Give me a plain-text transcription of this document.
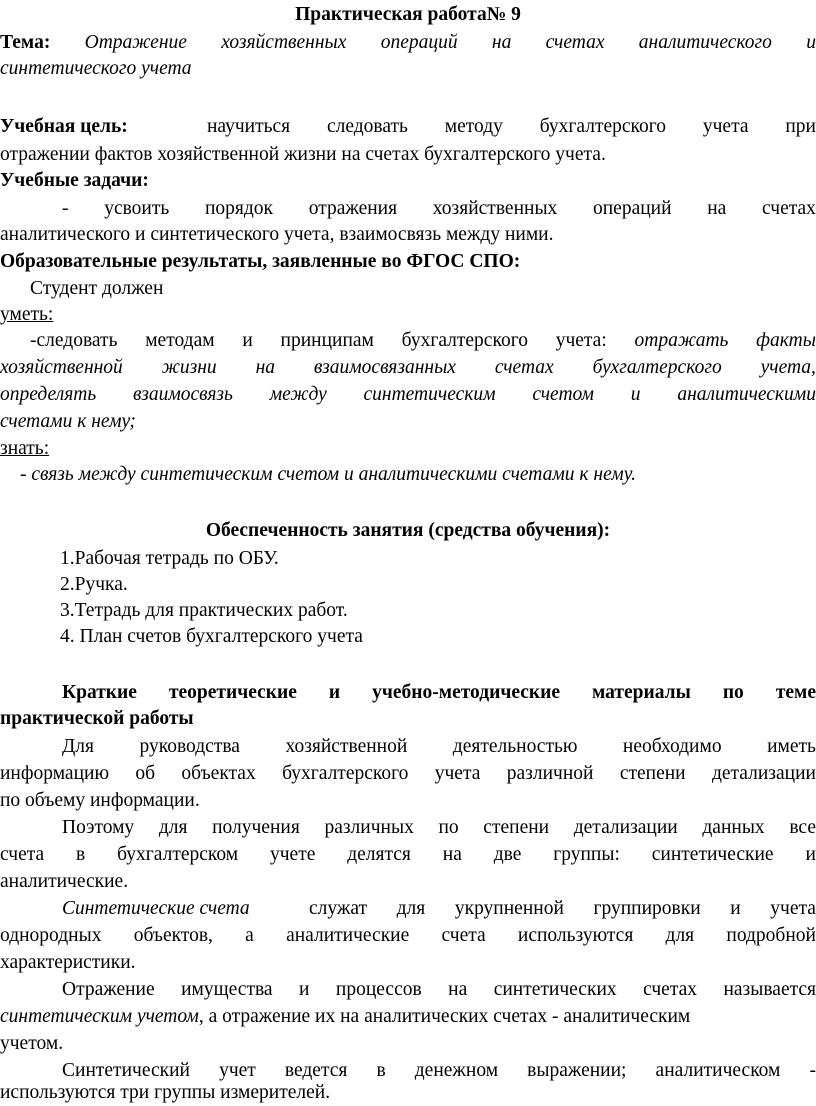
Практическая работа№ 9
Тема: Отражение хозяйственных операций на счетах аналитического и
синтетического учета
Учебная цель:	научиться следовать методу бухгалтерского учета при
отражении фактов хозяйственной жизни на счетах бухгалтерского учета.
Учебные задачи:
- усвоить порядок отражения хозяйственных операций на счетах
аналитического и синтетического учета, взаимосвязь между ними.
Образовательные результаты, заявленные во ФГОС СПО:
Студент должен
уметь:
-следовать методам и принципам бухгалтерского учета: отражать факты
хозяйственной жизни на взаимосвязанных счетах бухгалтерского учета,
определять взаимосвязь между синтетическим счетом и аналитическими
счетами к нему;
знать:
- связь между синтетическим счетом и аналитическими счетами к нему.
Обеспеченность занятия (средства обучения):
1.Рабочая тетрадь по ОБУ.
2.Ручка.
3.Тетрадь для практических работ.
4. План счетов бухгалтерского учета
Краткие теоретические и учебно-методические материалы по теме
практической работы
Для руководства хозяйственной деятельностью необходимо иметь
информацию об объектах бухгалтерского учета различной степени детализации
по объему информации.
Поэтому для получения различных по степени детализации данных все
счета в бухгалтерском учете делятся на две группы: синтетические и
аналитические.
Синтетические счета	служат для укрупненной группировки и учета
однородных объектов, а аналитические счета используются для подробной
характеристики.
Отражение имущества и процессов на синтетических счетах называется
синтетическим учетом, а отражение их на аналитических счетах - аналитическим
учетом.
Синтетический учет ведется в денежном выражении; аналитическом -
используются три группы измерителей.
